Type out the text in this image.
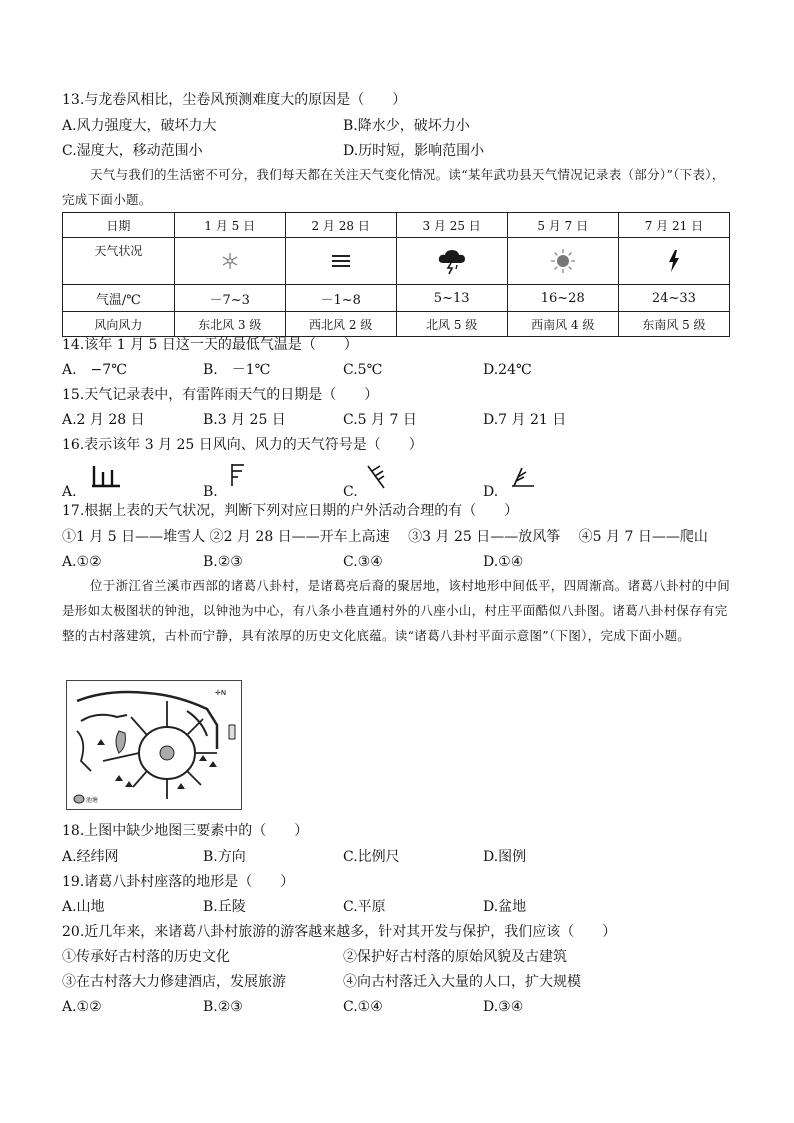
13.与龙卷风相比，尘卷风预测难度大的原因是（　　）
A.风力强度大，破坏力大	B.降水少，破坏力小
C.湿度大，移动范围小	D.历时短，影响范围小
天气与我们的生活密不可分，我们每天都在关注天气变化情况。读“某年武功县天气情况记录表（部分）”（下表），完成下面小题。
日期	1 月 5 日	2 月 28 日	3 月 25 日	5 月 7 日	7 月 21 日
天气状况					
气温/℃	－7~3	－1~8	5~13	16~28	24~33
风向风力	东北风 3 级	西北风 2 级	北风 5 级	西南风 4 级	东南风 5 级
14.该年 1 月 5 日这一天的最低气温是（　　）
A.　−7℃	B.　－1℃	C.5℃	D.24℃
15.天气记录表中，有雷阵雨天气的日期是（　　）
A.2 月 28 日	B.3 月 25 日	C.5 月 7 日	D.7 月 21 日
16.表示该年 3 月 25 日风向、风力的天气符号是（　　）
A.	B.	C.	D.
17.根据上表的天气状况，判断下列对应日期的户外活动合理的有（　　）
①1 月 5 日——堆雪人 ②2 月 28 日——开车上高速　 ③3 月 25 日——放风筝　 ④5 月 7 日——爬山
A.①②	B.②③	C.③④	D.①④
位于浙江省兰溪市西部的诸葛八卦村，是诸葛亮后裔的聚居地，该村地形中间低平，四周渐高。诸葛八卦村的中间是形如太极图状的钟池，以钟池为中心，有八条小巷直通村外的八座小山，村庄平面酷似八卦图。诸葛八卦村保存有完整的古村落建筑，古朴而宁静，具有浓厚的历史文化底蕴。读“诸葛八卦村平面示意图”（下图），完成下面小题。
✛N
池塘
18.上图中缺少地图三要素中的（　　）
A.经纬网	B.方向	C.比例尺	D.图例
19.诸葛八卦村座落的地形是（　　）
A.山地	B.丘陵	C.平原	D.盆地
20.近几年来，来诸葛八卦村旅游的游客越来越多，针对其开发与保护，我们应该（　　）
①传承好古村落的历史文化	②保护好古村落的原始风貌及古建筑
③在古村落大力修建酒店，发展旅游	④向古村落迁入大量的人口，扩大规模
A.①②	B.②③	C.①④	D.③④
